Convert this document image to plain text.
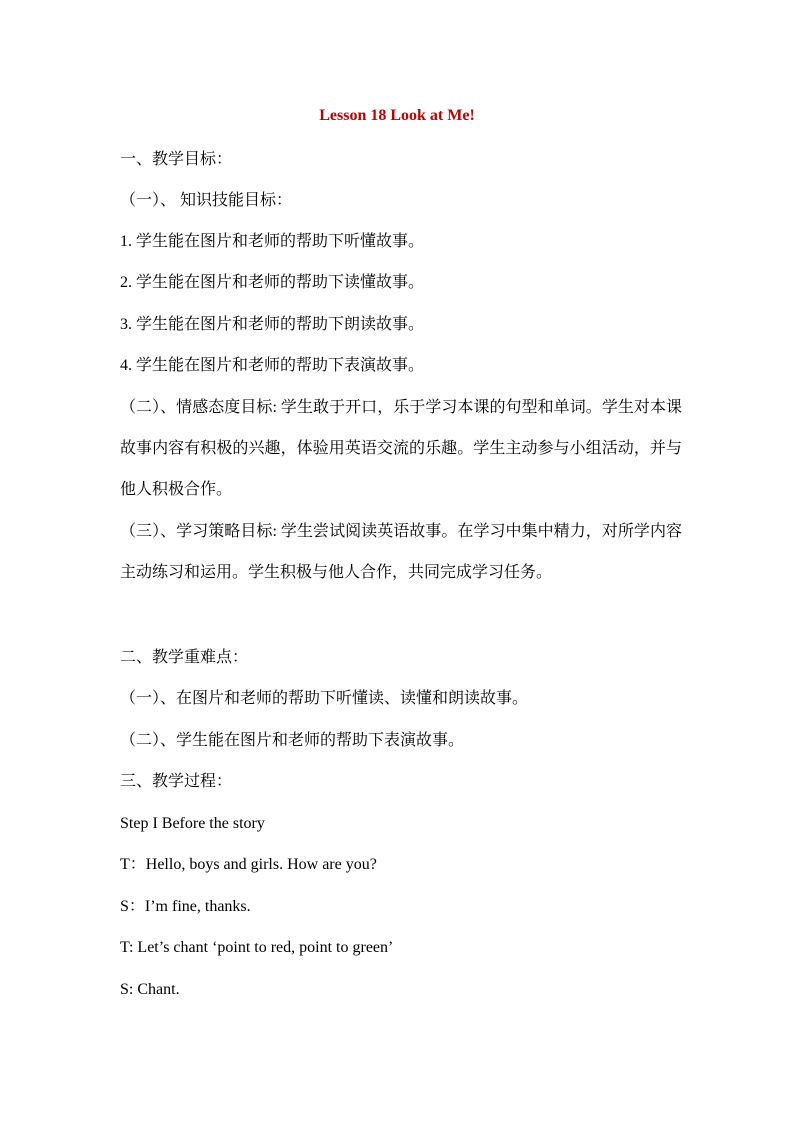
Lesson 18 Look at Me!
一、教学目标：
（一）、 知识技能目标：
1. 学生能在图片和老师的帮助下听懂故事。
2. 学生能在图片和老师的帮助下读懂故事。
3. 学生能在图片和老师的帮助下朗读故事。
4. 学生能在图片和老师的帮助下表演故事。
（二）、情感态度目标: 学生敢于开口，乐于学习本课的句型和单词。学生对本课故事内容有积极的兴趣，体验用英语交流的乐趣。学生主动参与小组活动，并与他人积极合作。
（三）、学习策略目标: 学生尝试阅读英语故事。在学习中集中精力，对所学内容主动练习和运用。学生积极与他人合作，共同完成学习任务。
二、教学重难点：
（一）、在图片和老师的帮助下听懂读、读懂和朗读故事。
（二）、学生能在图片和老师的帮助下表演故事。
三、教学过程：
Step I Before the story
T：Hello, boys and girls. How are you?
S：I’m fine, thanks.
T: Let’s chant ‘point to red, point to green’
S: Chant.
